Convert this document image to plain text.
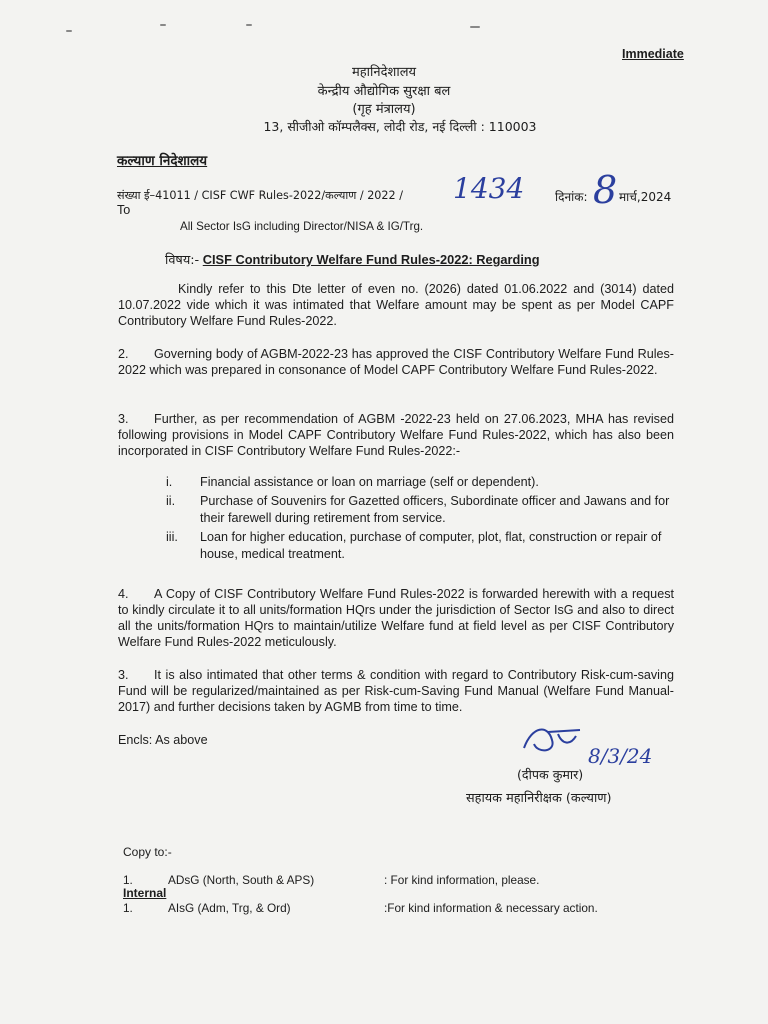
Immediate
महानिदेशालय
केन्द्रीय औद्योगिक सुरक्षा बल
(गृह मंत्रालय)
13, सीजीओ कॉम्पलैक्स, लोदी रोड, नई दिल्ली : 110003
कल्याण निदेशालय
संख्या ई–41011 / CISF CWF Rules-2022/कल्याण / 2022 / 1434	दिनांक: 8 मार्च,2024
To
All Sector IsG including Director/NISA & IG/Trg.
विषय:- CISF Contributory Welfare Fund Rules-2022: Regarding

Kindly refer to this Dte letter of even no. (2026) dated 01.06.2022 and (3014) dated 10.07.2022 vide which it was intimated that Welfare amount may be spent as per Model CAPF Contributory Welfare Fund Rules-2022.

2. Governing body of AGBM-2022-23 has approved the CISF Contributory Welfare Fund Rules-2022 which was prepared in consonance of Model CAPF Contributory Welfare Fund Rules-2022.

3. Further, as per recommendation of AGBM -2022-23 held on 27.06.2023, MHA has revised following provisions in Model CAPF Contributory Welfare Fund Rules-2022, which has also been incorporated in CISF Contributory Welfare Fund Rules-2022:-

i.	Financial assistance or loan on marriage (self or dependent).
ii.	Purchase of Souvenirs for Gazetted officers, Subordinate officer and Jawans and for their farewell during retirement from service.
iii.	Loan for higher education, purchase of computer, plot, flat, construction or repair of house, medical treatment.

4. A Copy of CISF Contributory Welfare Fund Rules-2022 is forwarded herewith with a request to kindly circulate it to all units/formation HQrs under the jurisdiction of Sector IsG and also to direct all the units/formation HQrs to maintain/utilize Welfare fund at field level as per CISF Contributory Welfare Fund Rules-2022 meticulously.

3. It is also intimated that other terms & condition with regard to Contributory Risk-cum-saving Fund will be regularized/maintained as per Risk-cum-Saving Fund Manual (Welfare Fund Manual-2017) and further decisions taken by AGMB from time to time.

Encls: As above
8/3/24
(दीपक कुमार)
सहायक महानिरीक्षक (कल्याण)
Copy to:-
1.	ADsG (North, South & APS)	: For kind information, please.
Internal
1.	AIsG (Adm, Trg, & Ord)	:For kind information & necessary action.
